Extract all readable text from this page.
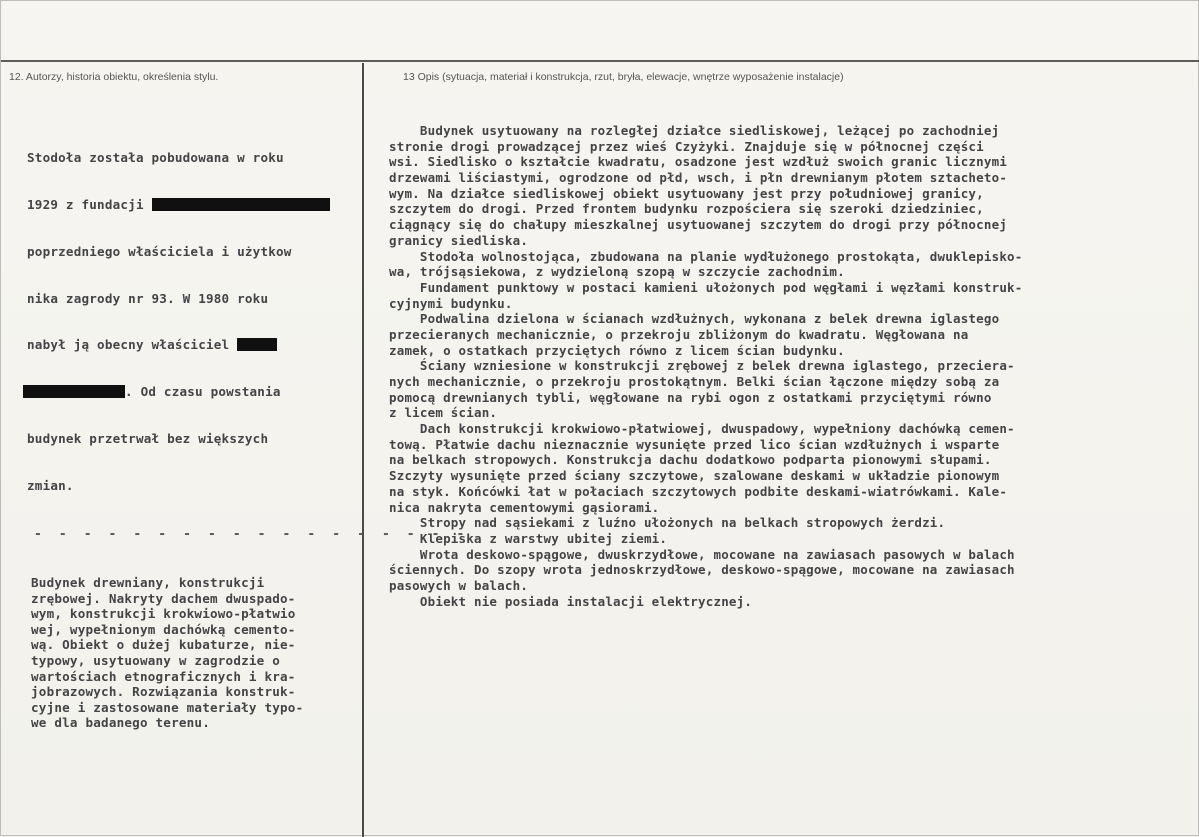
12. Autorzy, historia obiektu, określenia stylu.	13 Opis (sytuacja, materiał i konstrukcja, rzut, bryła, elewacje, wnętrze wyposażenie instalacje)

Stodoła została pobudowana w roku

1929 z fundacji

poprzedniego właściciela i użytkow

nika zagrody nr 93. W 1980 roku

nabył ją obecny właściciel

. Od czasu powstania

budynek przetrwał bez większych

zmian.

- - - - - - - - - - - - - - - - - -
Budynek drewniany, konstrukcji
zrębowej. Nakryty dachem dwuspado-
wym, konstrukcji krokwiowo-płatwio
wej, wypełnionym dachówką cemento-
wą. Obiekt o dużej kubaturze, nie-
typowy, usytuowany w zagrodzie o
wartościach etnograficznych i kra-
jobrazowych. Rozwiązania konstruk-
cyjne i zastosowane materiały typo-
we dla badanego terenu.
Budynek usytuowany na rozległej działce siedliskowej, leżącej po zachodniej
stronie drogi prowadzącej przez wieś Czyżyki. Znajduje się w północnej części
wsi. Siedlisko o kształcie kwadratu, osadzone jest wzdłuż swoich granic licznymi
drzewami liściastymi, ogrodzone od płd, wsch, i płn drewnianym płotem sztacheto-
wym. Na działce siedliskowej obiekt usytuowany jest przy południowej granicy,
szczytem do drogi. Przed frontem budynku rozpościera się szeroki dziedziniec,
ciągnący się do chałupy mieszkalnej usytuowanej szczytem do drogi przy północnej
granicy siedliska.
Stodoła wolnostojąca, zbudowana na planie wydłużonego prostokąta, dwuklepisko-
wa, trójsąsiekowa, z wydzieloną szopą w szczycie zachodnim.
Fundament punktowy w postaci kamieni ułożonych pod węgłami i węzłami konstruk-
cyjnymi budynku.
Podwalina dzielona w ścianach wzdłużnych, wykonana z belek drewna iglastego
przecieranych mechanicznie, o przekroju zbliżonym do kwadratu. Węgłowana na
zamek, o ostatkach przyciętych równo z licem ścian budynku.
Ściany wzniesione w konstrukcji zrębowej z belek drewna iglastego, przeciera-
nych mechanicznie, o przekroju prostokątnym. Belki ścian łączone między sobą za
pomocą drewnianych tybli, węgłowane na rybi ogon z ostatkami przyciętymi równo
z licem ścian.
Dach konstrukcji krokwiowo-płatwiowej, dwuspadowy, wypełniony dachówką cemen-
tową. Płatwie dachu nieznacznie wysunięte przed lico ścian wzdłużnych i wsparte
na belkach stropowych. Konstrukcja dachu dodatkowo podparta pionowymi słupami.
Szczyty wysunięte przed ściany szczytowe, szalowane deskami w układzie pionowym
na styk. Końcówki łat w połaciach szczytowych podbite deskami-wiatrówkami. Kale-
nica nakryta cementowymi gąsiorami.
Stropy nad sąsiekami z luźno ułożonych na belkach stropowych żerdzi.
Klepiska z warstwy ubitej ziemi.
Wrota deskowo-spągowe, dwuskrzydłowe, mocowane na zawiasach pasowych w balach
ściennych. Do szopy wrota jednoskrzydłowe, deskowo-spągowe, mocowane na zawiasach
pasowych w balach.
Obiekt nie posiada instalacji elektrycznej.
